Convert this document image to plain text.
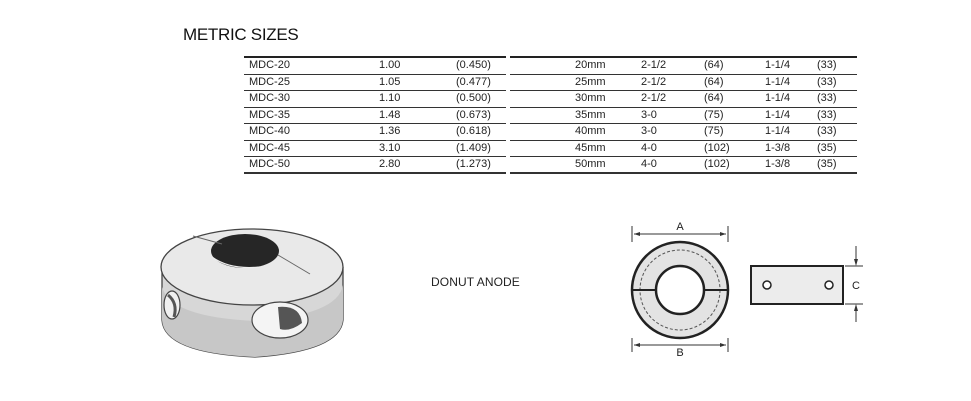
METRIC SIZES
MDC-20	1.00	(0.450)
MDC-25	1.05	(0.477)
MDC-30	1.10	(0.500)
MDC-35	1.48	(0.673)
MDC-40	1.36	(0.618)
MDC-45	3.10	(1.409)
MDC-50	2.80	(1.273)
20mm	2-1/2	(64)	1-1/4 (33)
25mm	2-1/2	(64)	1-1/4 (33)
30mm	2-1/2	(64)	1-1/4 (33)
35mm	3-0	(75)	1-1/4 (33)
40mm	3-0	(75)	1-1/4 (33)
45mm	4-0	(102)	1-3/8 (35)
50mm	4-0	(102)	1-3/8 (35)
DONUT ANODE
A
B
C
